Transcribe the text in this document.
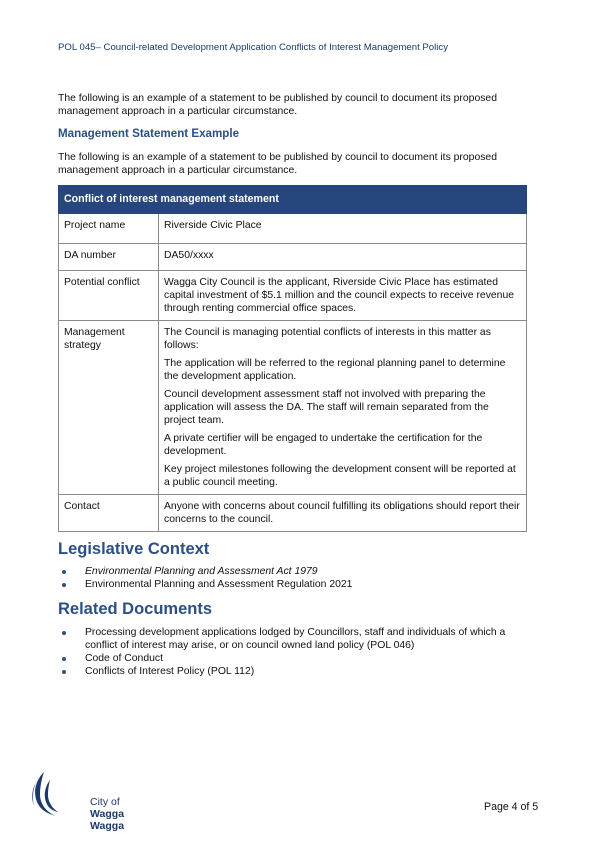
POL 045– Council-related Development Application Conflicts of Interest Management Policy
The following is an example of a statement to be published by council to document its proposed management approach in a particular circumstance.
Management Statement Example
The following is an example of a statement to be published by council to document its proposed management approach in a particular circumstance.
Conflict of interest management statement	
Project name	Riverside Civic Place

DA number	DA50/xxxx

Potential conflict	Wagga City Council is the applicant, Riverside Civic Place has estimated capital investment of $5.1 million and the council expects to receive revenue through renting commercial office spaces.

Management strategy	The Council is managing potential conflicts of interests in this matter as follows:

The application will be referred to the regional planning panel to determine the development application.

Council development assessment staff not involved with preparing the application will assess the DA. The staff will remain separated from the project team.

A private certifier will be engaged to undertake the certification for the development.

Key project milestones following the development consent will be reported at a public council meeting.

Contact	Anyone with concerns about council fulfilling its obligations should report their concerns to the council.

Legislative Context
Environmental Planning and Assessment Act 1979
Environmental Planning and Assessment Regulation 2021
Related Documents
Processing development applications lodged by Councillors, staff and individuals of which a conflict of interest may arise, or on council owned land policy (POL 046)
Code of Conduct
Conflicts of Interest Policy (POL 112)
City of
Wagga Wagga
Page 4 of 5
